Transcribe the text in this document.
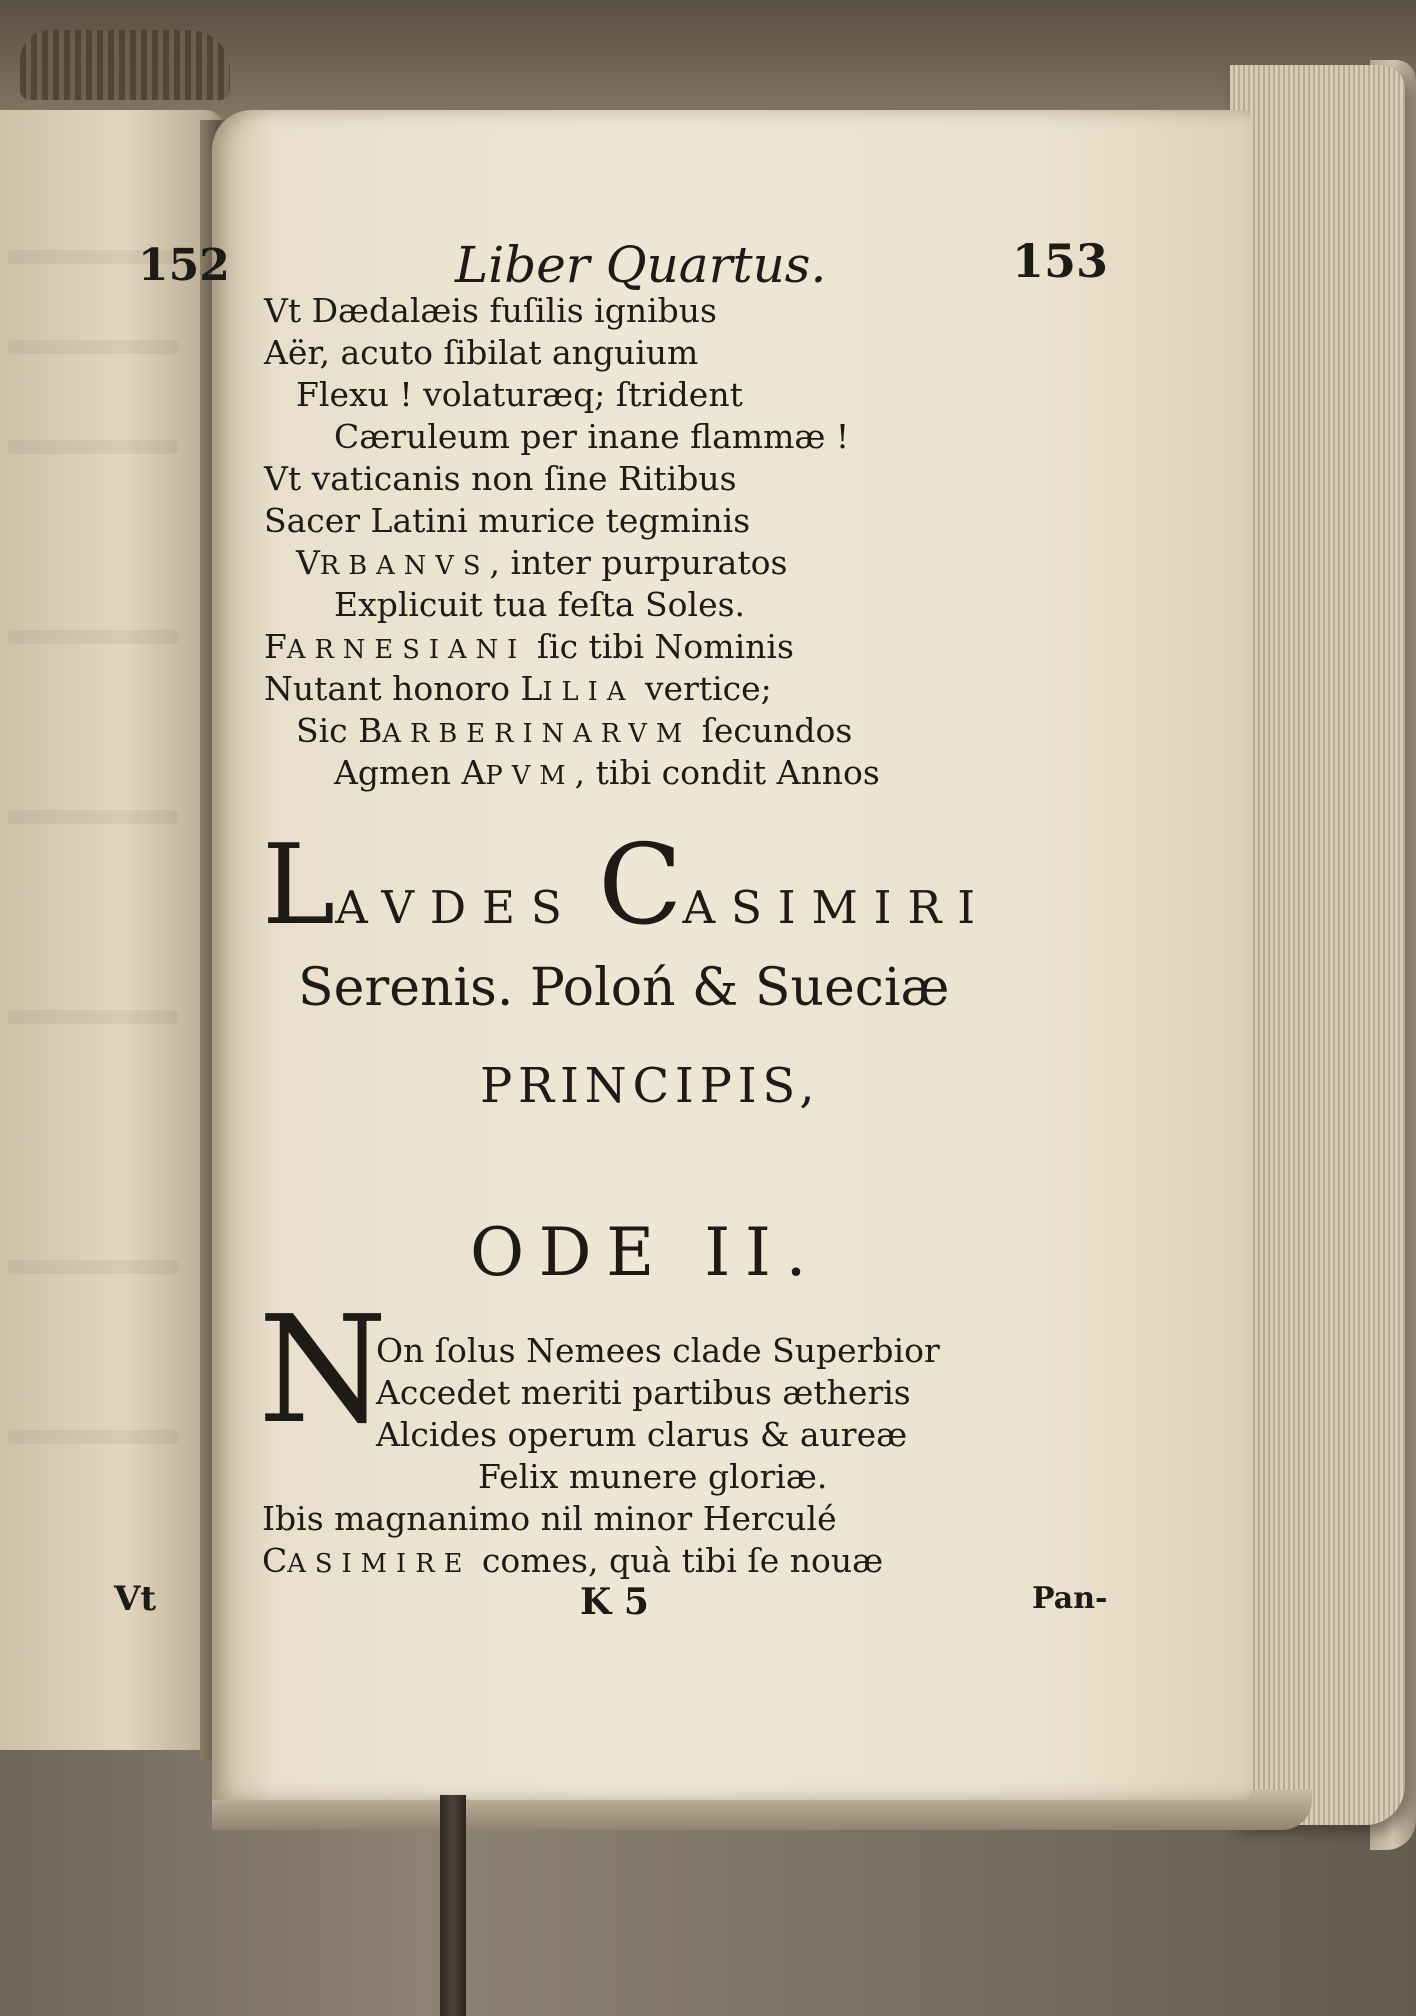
152
Vt
Liber Quartus.	153
Vt Dædalæis fuſilis ignibus
Aër, acuto ſibilat anguium
Flexu ! volaturæq; ſtrident
Cæruleum per inane flammæ !
Vt vaticanis non ſine Ritibus
Sacer Latini murice tegminis
VRBANVS, inter purpuratos
Explicuit tua feſta Soles.
FARNESIANI ſic tibi Nominis
Nutant honoro LILIA vertice;
Sic BARBERINARVM ſecundos
Agmen APVM, tibi condit Annos
LAVDES CASIMIRI
Serenis. Poloń & Sueciæ
PRINCIPIS,
ODE II.
N
On ſolus Nemees clade Superbior
Accedet meriti partibus ætheris
Alcides operum clarus & aureæ
Felix munere gloriæ.
Ibis magnanimo nil minor Herculé
CASIMIRE comes, quà tibi ſe nouæ
K 5	Pan-
